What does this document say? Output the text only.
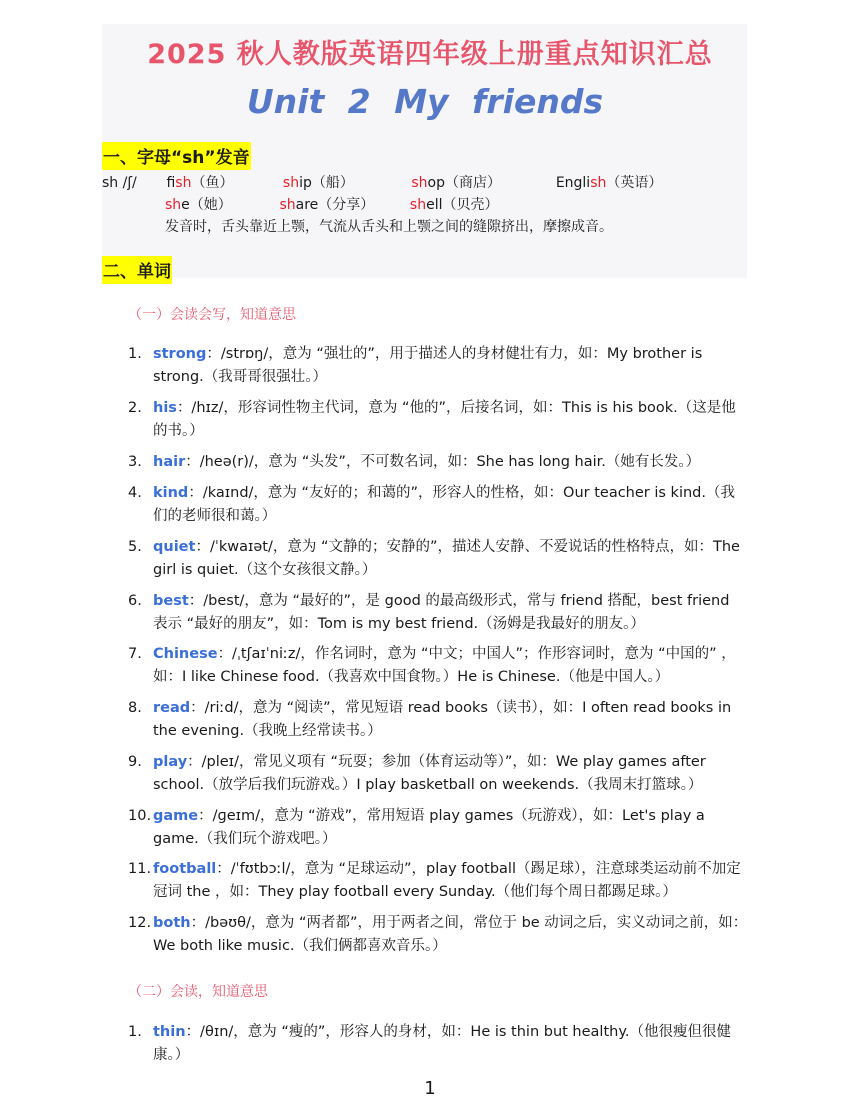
2025 秋人教版英语四年级上册重点知识汇总
Unit 2 My friends
一、字母“sh”发音
sh /ʃ/ fish（鱼）	ship（船）	shop（商店）	English（英语）
she（她）	share（分享）	shell（贝壳）
发音时，舌头靠近上颚，气流从舌头和上颚之间的缝隙挤出，摩擦成音。
二、单词
（一）会读会写，知道意思
1. strong：/strɒŋ/，意为 “强壮的”，用于描述人的身材健壮有力，如：My brother is strong.（我哥哥很强壮。）
2. his：/hɪz/，形容词性物主代词，意为 “他的”，后接名词，如：This is his book.（这是他的书。）
3. hair：/heə(r)/，意为 “头发”，不可数名词，如：She has long hair.（她有长发。）
4. kind：/kaɪnd/，意为 “友好的；和蔼的”，形容人的性格，如：Our teacher is kind.（我们的老师很和蔼。）
5. quiet：/ˈkwaɪət/，意为 “文静的；安静的”，描述人安静、不爱说话的性格特点，如：The girl is quiet.（这个女孩很文静。）
6. best：/best/，意为 “最好的”，是 good 的最高级形式，常与 friend 搭配，best friend 表示 “最好的朋友”，如：Tom is my best friend.（汤姆是我最好的朋友。）
7. Chinese：/ˌtʃaɪˈniːz/，作名词时，意为 “中文；中国人”；作形容词时，意为 “中国的” ，如：I like Chinese food.（我喜欢中国食物。）He is Chinese.（他是中国人。）
8. read：/riːd/，意为 “阅读”，常见短语 read books（读书），如：I often read books in the evening.（我晚上经常读书。）
9. play：/pleɪ/，常见义项有 “玩耍；参加（体育运动等）”，如：We play games after school.（放学后我们玩游戏。）I play basketball on weekends.（我周末打篮球。）
10. game：/ɡeɪm/，意为 “游戏”，常用短语 play games（玩游戏），如：Let's play a game.（我们玩个游戏吧。）
11. football：/ˈfʊtbɔːl/，意为 “足球运动”，play football（踢足球），注意球类运动前不加定冠词 the ，如：They play football every Sunday.（他们每个周日都踢足球。）
12. both：/bəʊθ/，意为 “两者都”，用于两者之间，常位于 be 动词之后，实义动词之前，如：We both like music.（我们俩都喜欢音乐。）
（二）会读，知道意思
1. thin：/θɪn/，意为 “瘦的”，形容人的身材，如：He is thin but healthy.（他很瘦但很健康。）
1
